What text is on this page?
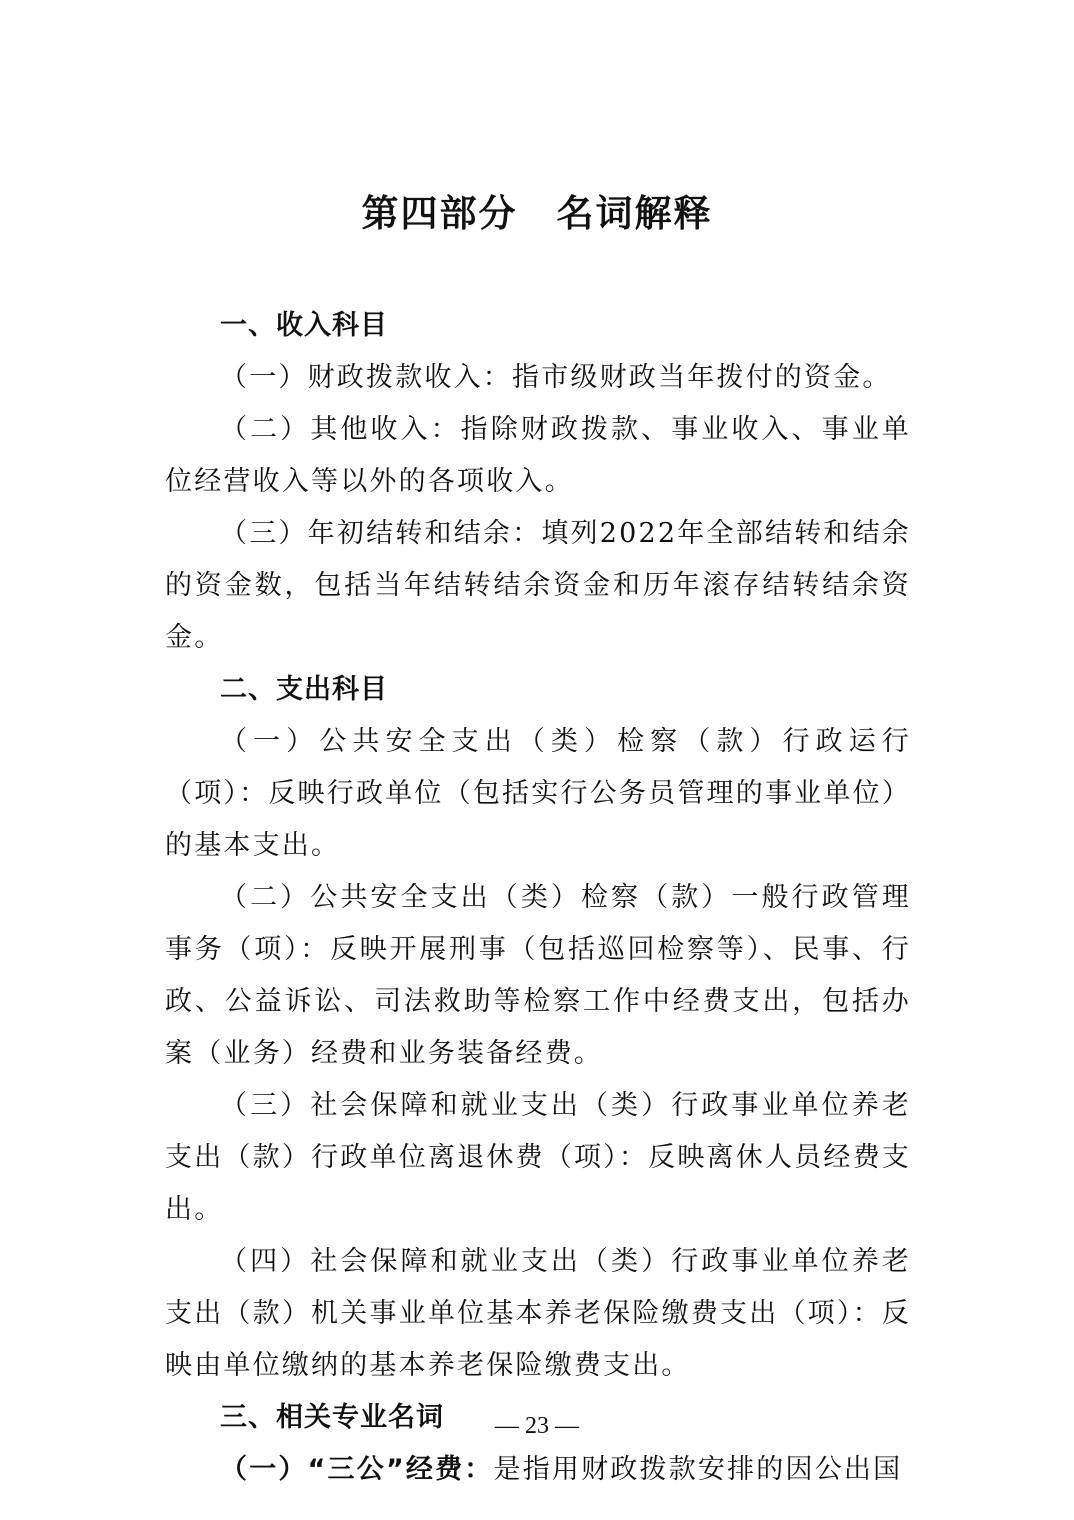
第四部分　名词解释

一、收入科目

（一）财政拨款收入：指市级财政当年拨付的资金。

（二）其他收入：指除财政拨款、事业收入、事业单位经营收入等以外的各项收入。

（三）年初结转和结余：填列2022年全部结转和结余的资金数，包括当年结转结余资金和历年滚存结转结余资金。

二、支出科目

（一）公共安全支出（类）检察（款）行政运行（项）：反映行政单位（包括实行公务员管理的事业单位）的基本支出。

（二）公共安全支出（类）检察（款）一般行政管理事务（项）：反映开展刑事（包括巡回检察等）、民事、行政、公益诉讼、司法救助等检察工作中经费支出，包括办案（业务）经费和业务装备经费。

（三）社会保障和就业支出（类）行政事业单位养老支出（款）行政单位离退休费（项）：反映离休人员经费支出。

（四）社会保障和就业支出（类）行政事业单位养老支出（款）机关事业单位基本养老保险缴费支出（项）：反映由单位缴纳的基本养老保险缴费支出。

三、相关专业名词

（一）“三公”经费：是指用财政拨款安排的因公出国

— 23 —
